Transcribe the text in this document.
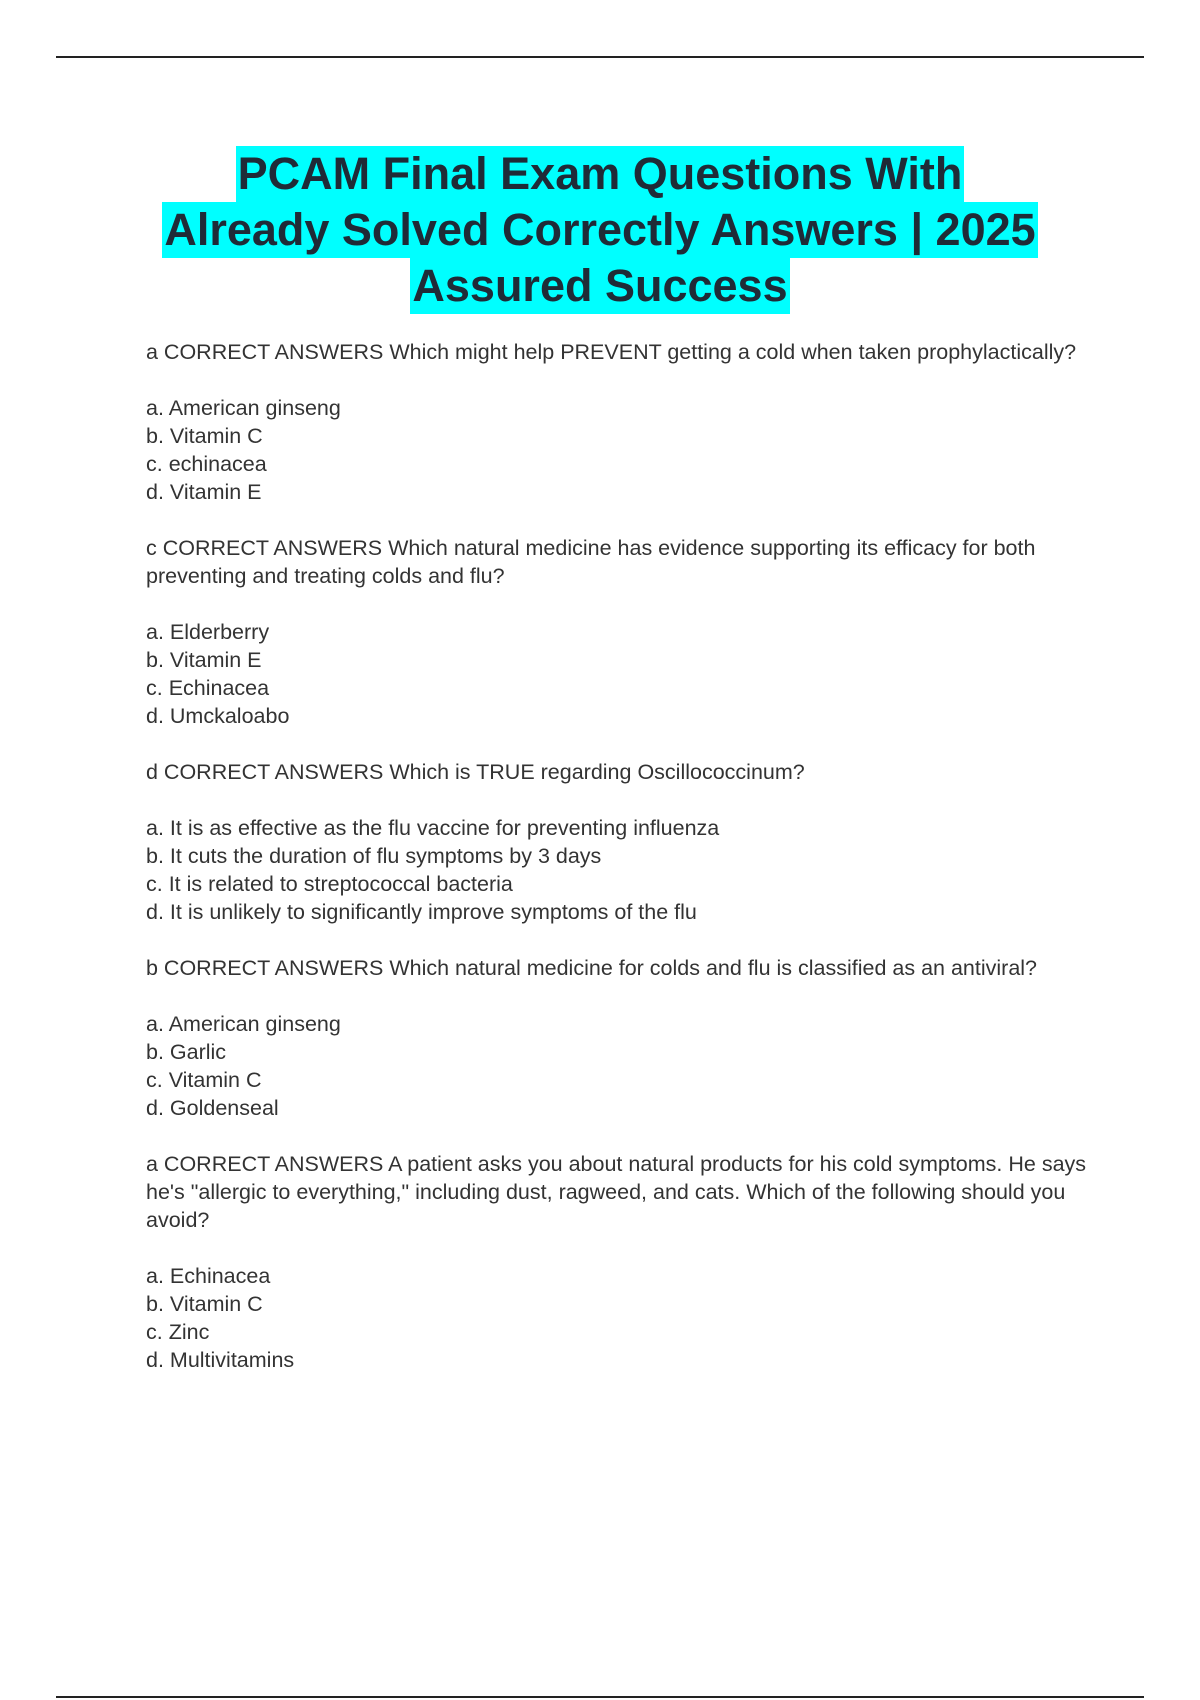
PCAM Final Exam Questions With
Already Solved Correctly Answers | 2025
Assured Success

a CORRECT ANSWERS Which might help PREVENT getting a cold when taken prophylactically?

a. American ginseng
b. Vitamin C
c. echinacea
d. Vitamin E

c CORRECT ANSWERS Which natural medicine has evidence supporting its efficacy for both preventing and treating colds and flu?

a. Elderberry
b. Vitamin E
c. Echinacea
d. Umckaloabo

d CORRECT ANSWERS Which is TRUE regarding Oscillococcinum?

a. It is as effective as the flu vaccine for preventing influenza
b. It cuts the duration of flu symptoms by 3 days
c. It is related to streptococcal bacteria
d. It is unlikely to significantly improve symptoms of the flu

b CORRECT ANSWERS Which natural medicine for colds and flu is classified as an antiviral?

a. American ginseng
b. Garlic
c. Vitamin C
d. Goldenseal

a CORRECT ANSWERS A patient asks you about natural products for his cold symptoms. He says he's "allergic to everything," including dust, ragweed, and cats. Which of the following should you avoid?

a. Echinacea
b. Vitamin C
c. Zinc
d. Multivitamins
